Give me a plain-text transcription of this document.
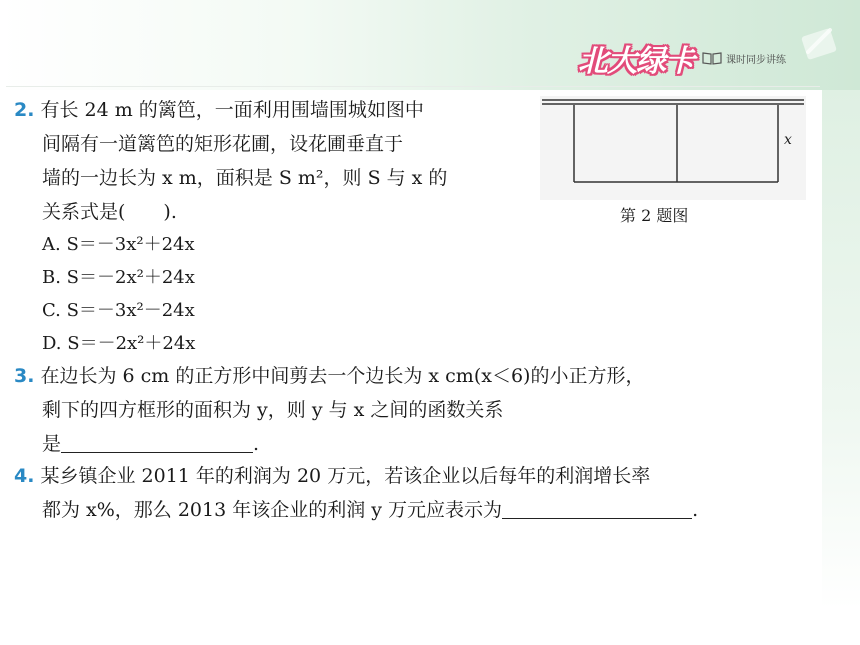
北大绿卡	课时同步讲练
2. 有长 24 m 的篱笆，一面利用围墙围城如图中
间隔有一道篱笆的矩形花圃，设花圃垂直于
墙的一边长为 x m，面积是 S m²，则 S 与 x 的
关系式是(　　).
A. S＝－3x²＋24x
B. S＝－2x²＋24x
C. S＝－3x²－24x
D. S＝－2x²＋24x
x
第 2 题图
3. 在边长为 6 cm 的正方形中间剪去一个边长为 x cm(x＜6)的小正方形，
剩下的四方框形的面积为 y，则 y 与 x 之间的函数关系
是	.
4. 某乡镇企业 2011 年的利润为 20 万元，若该企业以后每年的利润增长率
都为 x%，那么 2013 年该企业的利润 y 万元应表示为	.
